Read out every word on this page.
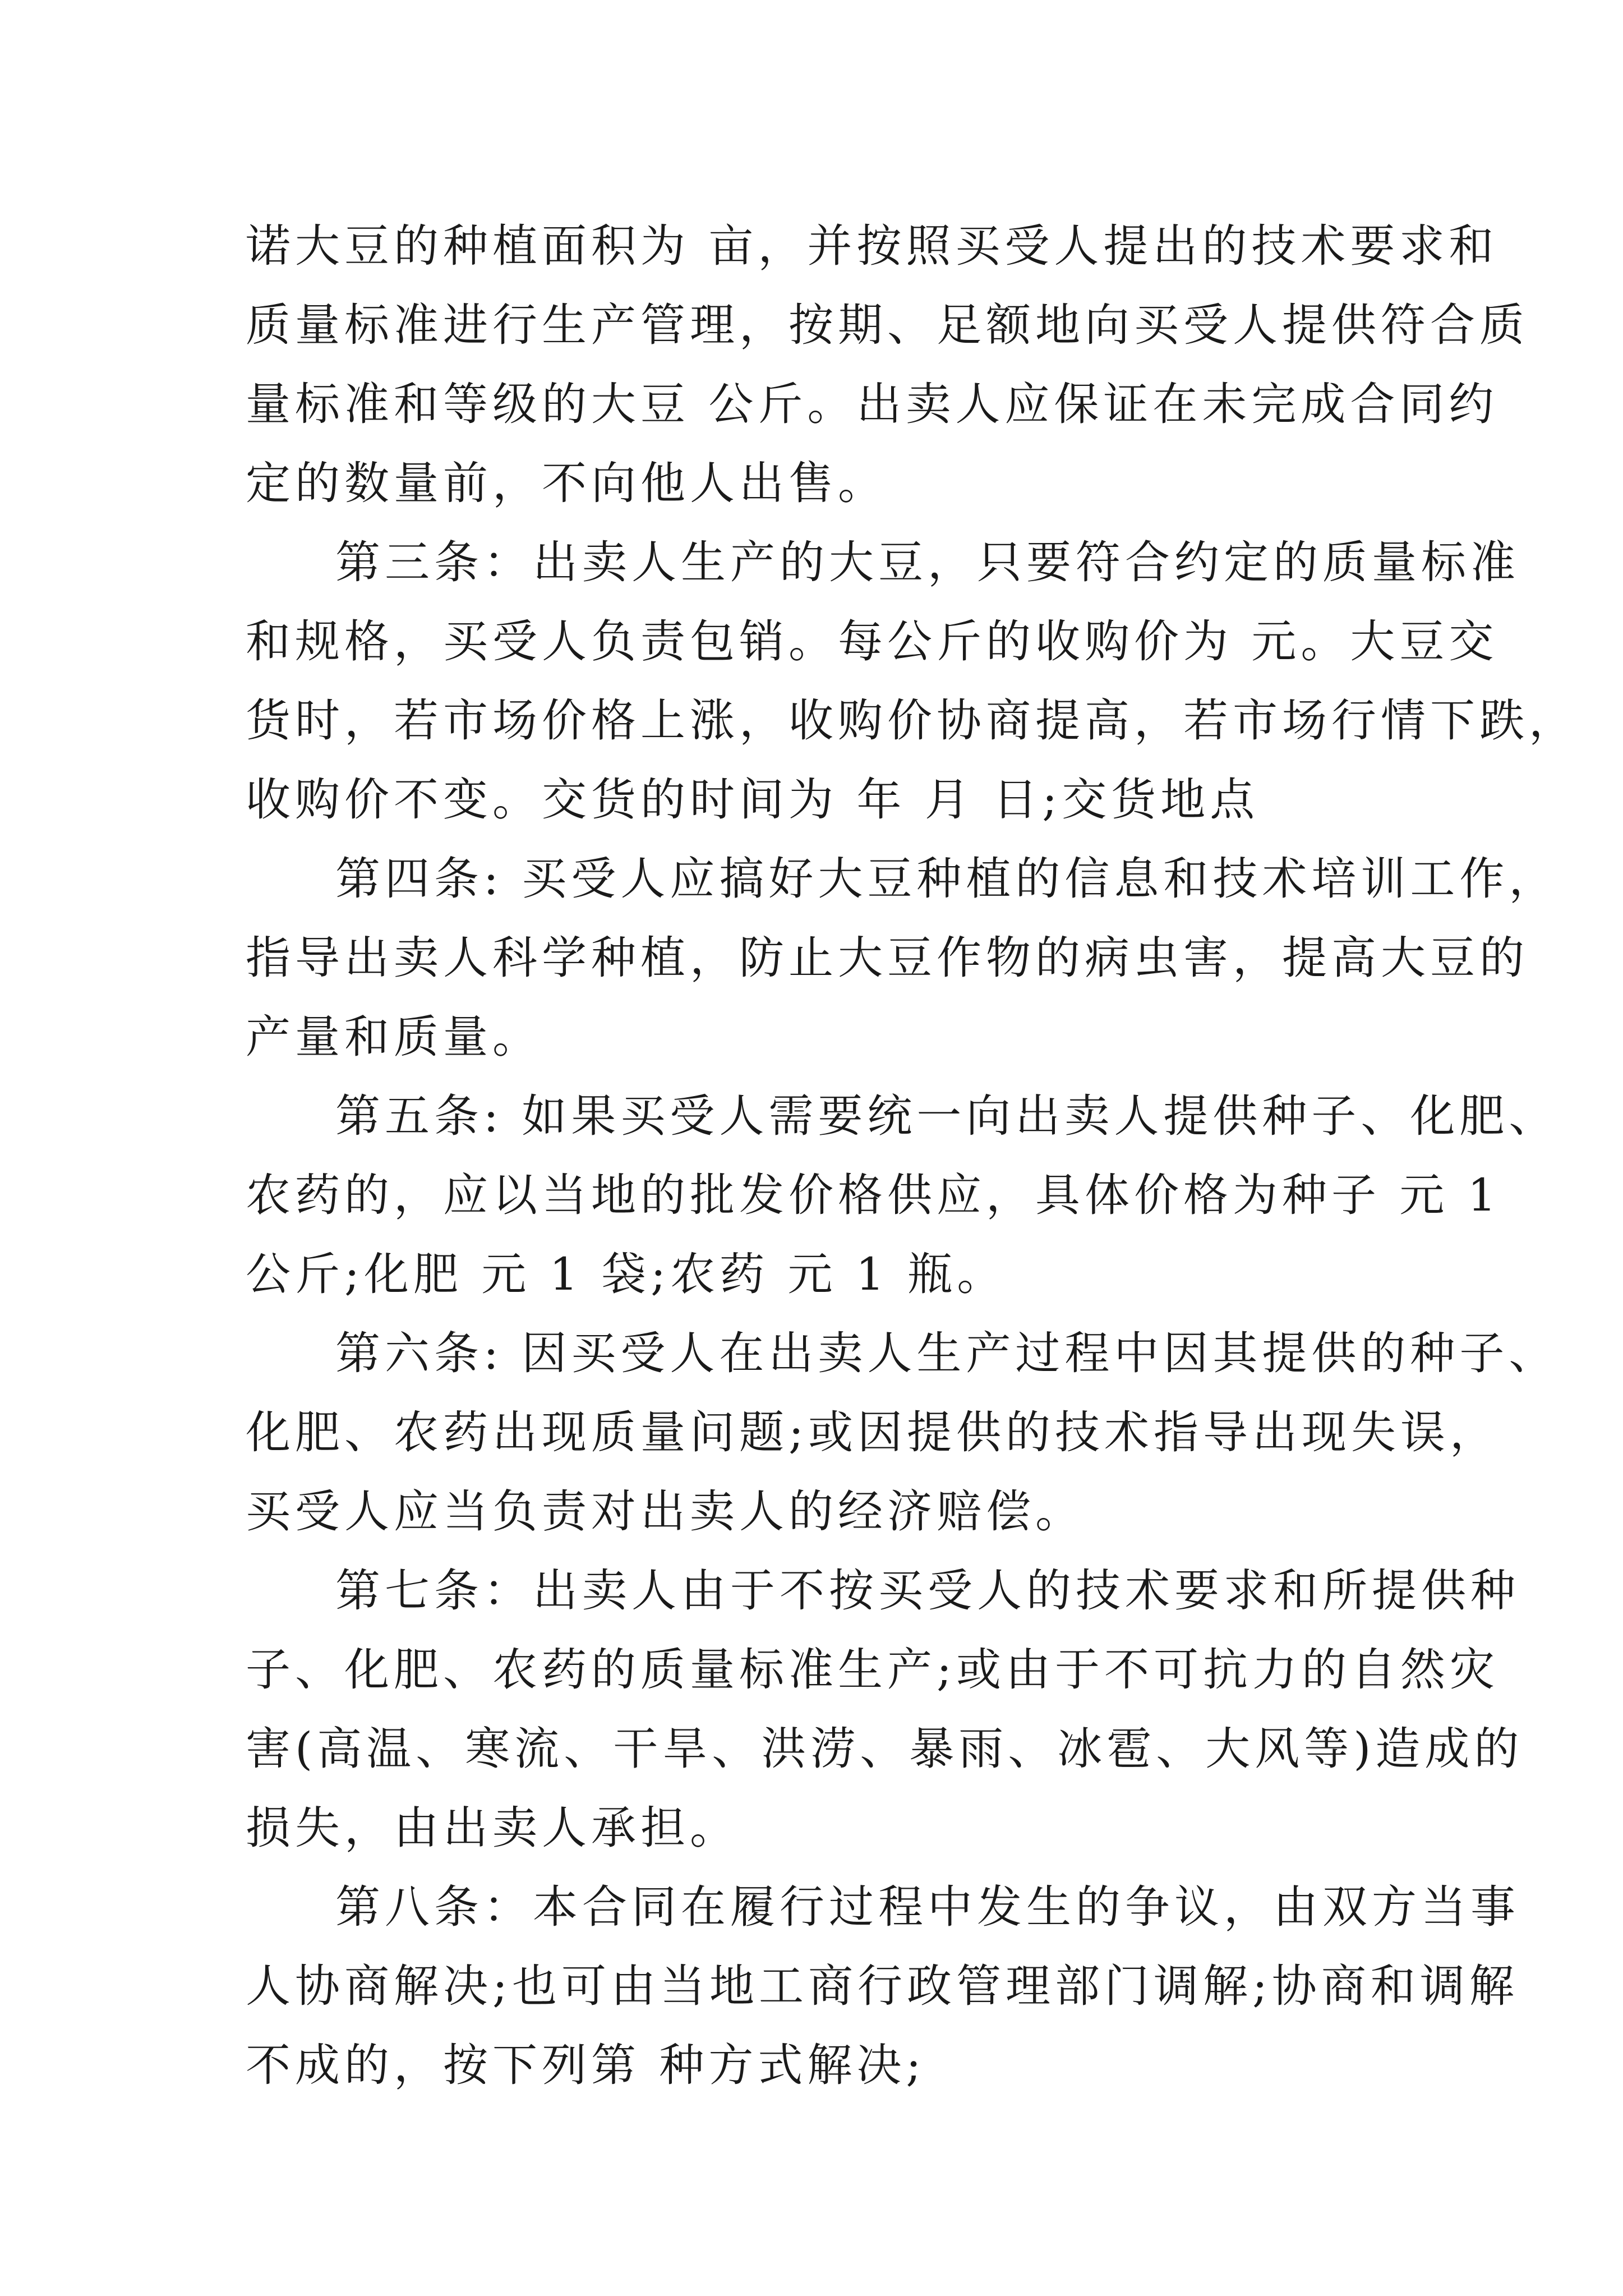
诺大豆的种植面积为 亩，并按照买受人提出的技术要求和
质量标准进行生产管理，按期、足额地向买受人提供符合质
量标准和等级的大豆 公斤。出卖人应保证在未完成合同约
定的数量前，不向他人出售。
第三条：出卖人生产的大豆，只要符合约定的质量标准
和规格，买受人负责包销。每公斤的收购价为 元。大豆交
货时，若市场价格上涨，收购价协商提高，若市场行情下跌，
收购价不变。交货的时间为 年 月 日;交货地点
第四条: 买受人应搞好大豆种植的信息和技术培训工作，
指导出卖人科学种植，防止大豆作物的病虫害，提高大豆的
产量和质量。
第五条: 如果买受人需要统一向出卖人提供种子、化肥、
农药的，应以当地的批发价格供应，具体价格为种子 元 1
公斤;化肥 元 1 袋;农药 元 1 瓶。
第六条: 因买受人在出卖人生产过程中因其提供的种子、
化肥、农药出现质量问题;或因提供的技术指导出现失误，
买受人应当负责对出卖人的经济赔偿。
第七条：出卖人由于不按买受人的技术要求和所提供种
子、化肥、农药的质量标准生产;或由于不可抗力的自然灾
害(高温、寒流、干旱、洪涝、暴雨、冰雹、大风等)造成的
损失，由出卖人承担。
第八条：本合同在履行过程中发生的争议，由双方当事
人协商解决;也可由当地工商行政管理部门调解;协商和调解
不成的，按下列第 种方式解决;
